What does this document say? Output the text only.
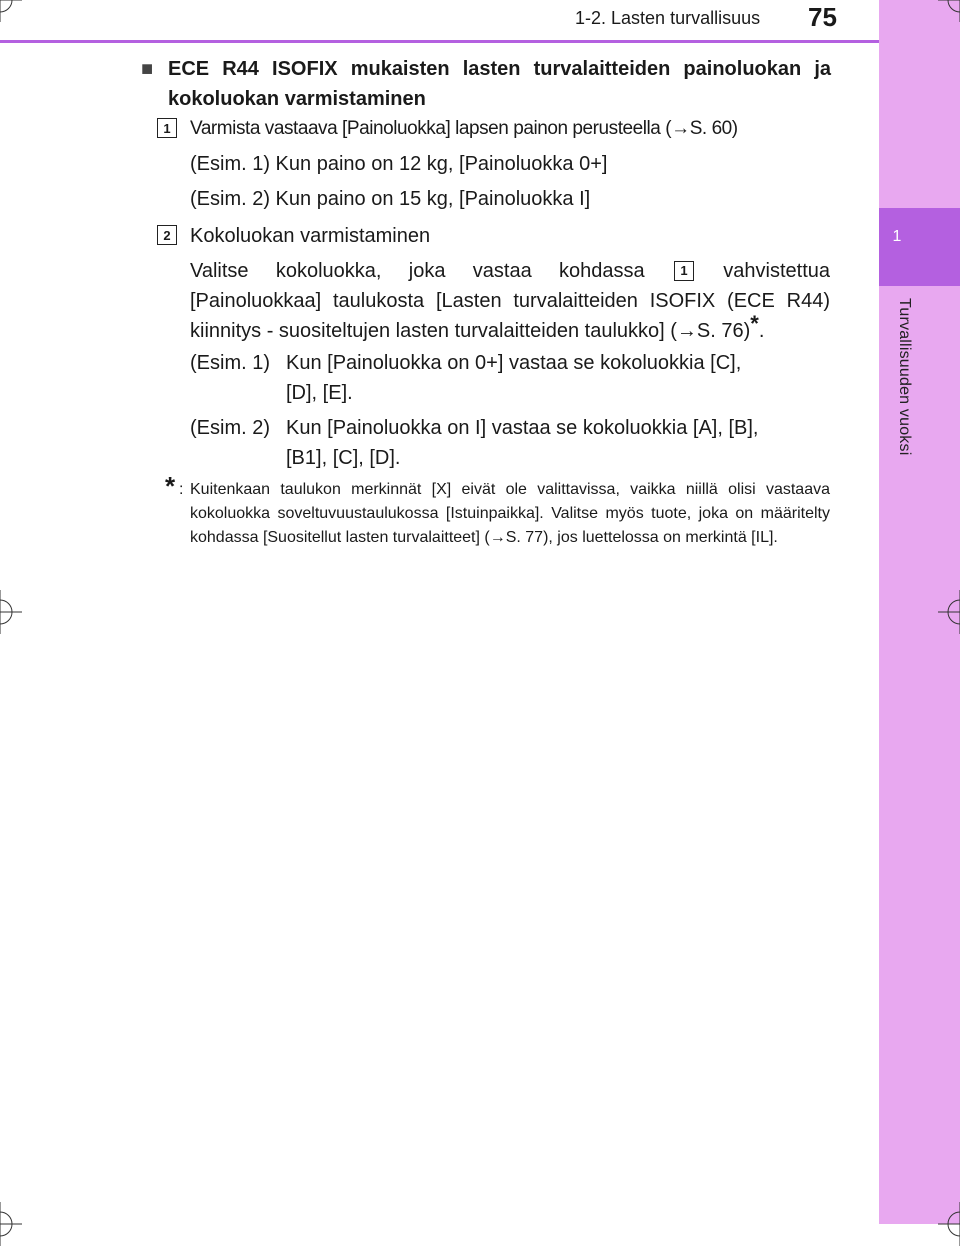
1
Turvallisuuden vuoksi
1-2. Lasten turvallisuus 75
■ ECE R44 ISOFIX mukaisten lasten turvalaitteiden painoluokan ja kokoluokan varmistaminen
1	Varmista vastaava [Painoluokka] lapsen painon perusteella (→S. 60)
(Esim. 1) Kun paino on 12 kg, [Painoluokka 0+]
(Esim. 2) Kun paino on 15 kg, [Painoluokka I]
2 Kokoluokan varmistaminen
Valitse kokoluokka, joka vastaa kohdassa	1 vahvistettua [Painoluokkaa] taulukosta [Lasten turvalaitteiden ISOFIX (ECE R44) kiinnitys - suositeltujen lasten turvalaitteiden taulukko] (→S. 76)*.
(Esim. 1) Kun [Painoluokka on 0+] vastaa se kokoluokkia [C],
[D], [E].
(Esim. 2) Kun [Painoluokka on I] vastaa se kokoluokkia [A], [B],
[B1], [C], [D].
* : Kuitenkaan taulukon merkinnät [X] eivät ole valittavissa, vaikka niillä olisi vastaava kokoluokka soveltuvuustaulukossa [Istuinpaikka]. Valitse myös tuote, joka on määritelty kohdassa [Suositellut lasten turvalaitteet] (→S. 77), jos luettelossa on merkintä [IL].
